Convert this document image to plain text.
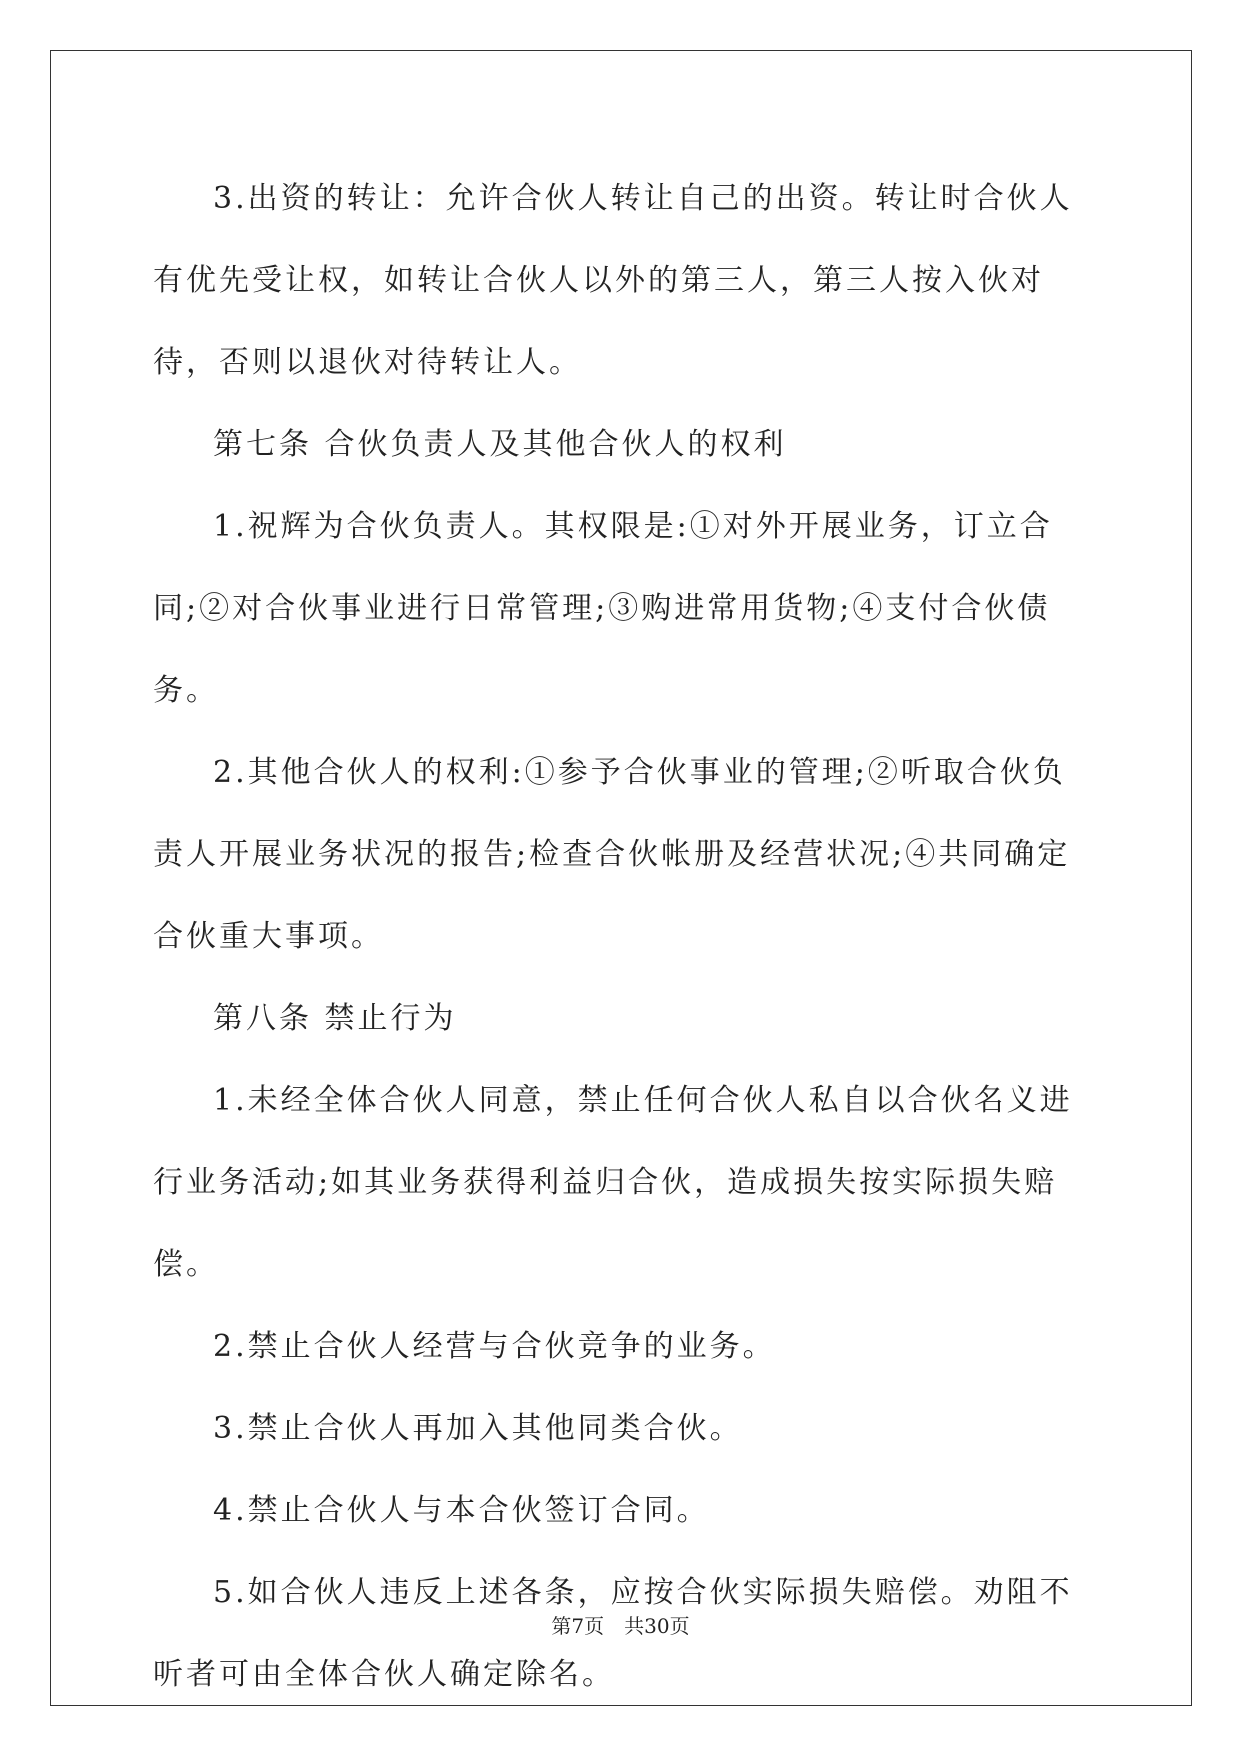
3.出资的转让：允许合伙人转让自己的出资。转让时合伙人有优先受让权，如转让合伙人以外的第三人，第三人按入伙对待，否则以退伙对待转让人。

第七条 合伙负责人及其他合伙人的权利

1.祝辉为合伙负责人。其权限是:①对外开展业务，订立合同;②对合伙事业进行日常管理;③购进常用货物;④支付合伙债务。

2.其他合伙人的权利:①参予合伙事业的管理;②听取合伙负责人开展业务状况的报告;检查合伙帐册及经营状况;④共同确定合伙重大事项。

第八条 禁止行为

1.未经全体合伙人同意，禁止任何合伙人私自以合伙名义进行业务活动;如其业务获得利益归合伙，造成损失按实际损失赔偿。

2.禁止合伙人经营与合伙竞争的业务。

3.禁止合伙人再加入其他同类合伙。

4.禁止合伙人与本合伙签订合同。

5.如合伙人违反上述各条，应按合伙实际损失赔偿。劝阻不听者可由全体合伙人确定除名。

第7页　共30页
